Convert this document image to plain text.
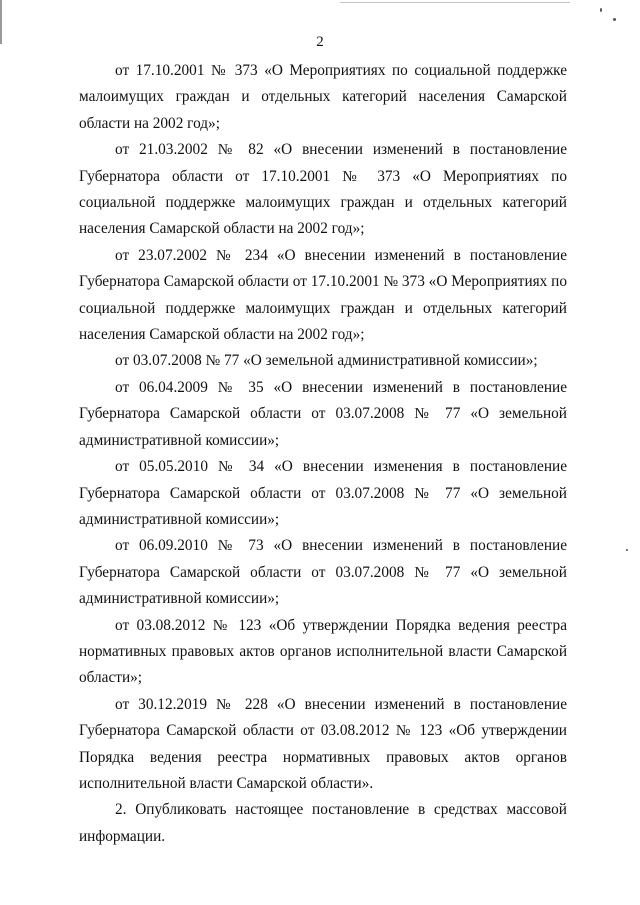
2
от 17.10.2001 № 373 «О Мероприятиях по социальной поддержке
малоимущих граждан и отдельных категорий населения Самарской
области на 2002 год»;
от 21.03.2002 № 82 «О внесении изменений в постановление
Губернатора области от 17.10.2001 № 373 «О Мероприятиях по
социальной поддержке малоимущих граждан и отдельных категорий
населения Самарской области на 2002 год»;
от 23.07.2002 № 234 «О внесении изменений в постановление
Губернатора Самарской области от 17.10.2001 № 373 «О Мероприятиях по
социальной поддержке малоимущих граждан и отдельных категорий
населения Самарской области на 2002 год»;
от 03.07.2008 № 77 «О земельной административной комиссии»;
от 06.04.2009 № 35 «О внесении изменений в постановление
Губернатора Самарской области от 03.07.2008 № 77 «О земельной
административной комиссии»;
от 05.05.2010 № 34 «О внесении изменения в постановление
Губернатора Самарской области от 03.07.2008 № 77 «О земельной
административной комиссии»;
от 06.09.2010 № 73 «О внесении изменений в постановление
Губернатора Самарской области от 03.07.2008 № 77 «О земельной
административной комиссии»;
от 03.08.2012 № 123 «Об утверждении Порядка ведения реестра
нормативных правовых актов органов исполнительной власти Самарской
области»;
от 30.12.2019 № 228 «О внесении изменений в постановление
Губернатора Самарской области от 03.08.2012 № 123 «Об утверждении
Порядка ведения реестра нормативных правовых актов органов
исполнительной власти Самарской области».
2. Опубликовать настоящее постановление в средствах массовой
информации.
